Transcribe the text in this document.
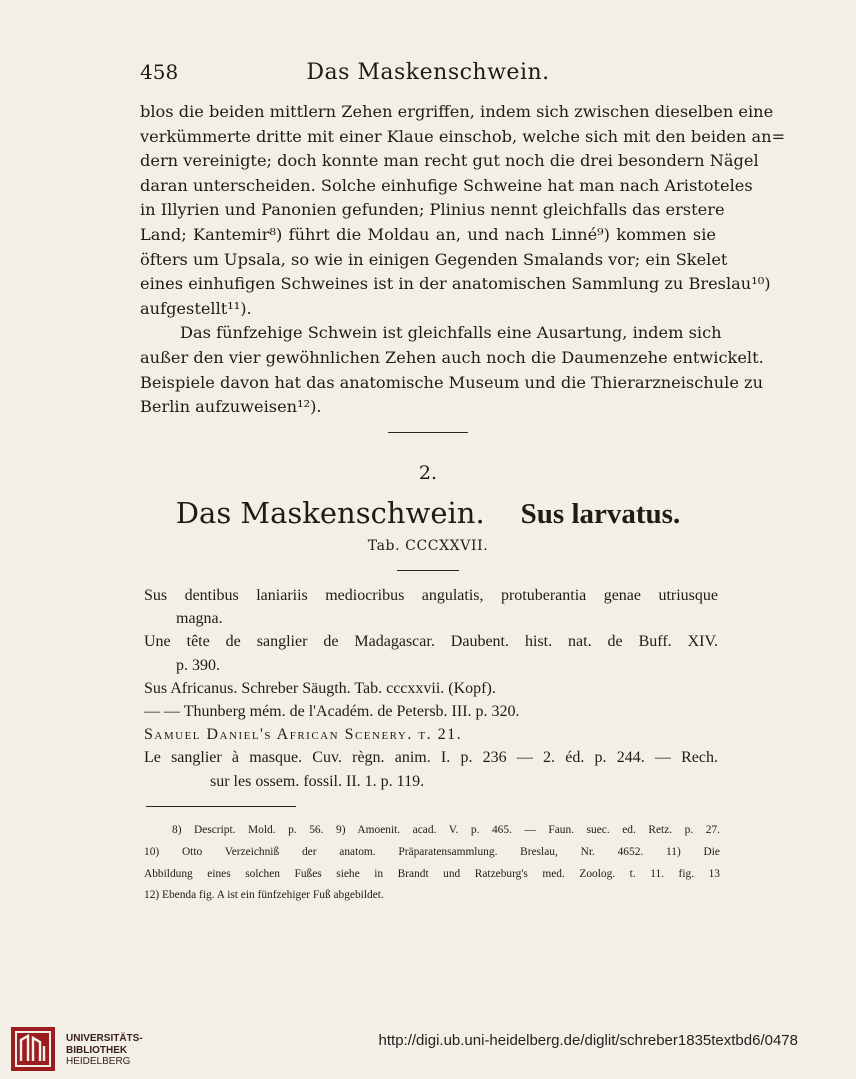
458	Das Maskenschwein.

blos die beiden mittlern Zehen ergriffen, indem sich zwischen dieselben eine
verkümmerte dritte mit einer Klaue einschob, welche sich mit den beiden an=
dern vereinigte; doch konnte man recht gut noch die drei besondern Nägel
daran unterscheiden. Solche einhufige Schweine hat man nach Aristoteles
in Illyrien und Panonien gefunden; Plinius nennt gleichfalls das erstere
Land; Kantemir⁸) führt die Moldau an, und nach Linné⁹) kommen sie
öfters um Upsala, so wie in einigen Gegenden Smalands vor; ein Skelet
eines einhufigen Schweines ist in der anatomischen Sammlung zu Breslau¹⁰)
aufgestellt¹¹).

Das fünfzehige Schwein ist gleichfalls eine Ausartung, indem sich
außer den vier gewöhnlichen Zehen auch noch die Daumenzehe entwickelt.
Beispiele davon hat das anatomische Museum und die Thierarzneischule zu
Berlin aufzuweisen¹²).

2.
Das Maskenschwein. Sus larvatus.
Tab. CCCXXVII.
Sus dentibus laniariis mediocribus angulatis, protuberantia genae utriusque
magna.
Une tête de sanglier de Madagascar. Daubent. hist. nat. de Buff. XIV.
p. 390.
Sus Africanus. Schreber Säugth. Tab. cccxxvii. (Kopf).
— — Thunberg mém. de l'Académ. de Petersb. III. p. 320.
Samuel Daniel's African Scenery. t. 21.
Le sanglier à masque. Cuv. règn. anim. I. p. 236 — 2. éd. p. 244. — Rech.
sur les ossem. fossil. II. 1. p. 119.
8) Descript. Mold. p. 56. 9) Amoenit. acad. V. p. 465. — Faun. suec. ed. Retz. p. 27.
10) Otto Verzeichniß der anatom. Präparatensammlung. Breslau, Nr. 4652. 11) Die
Abbildung eines solchen Fußes siehe in Brandt und Ratzeburg's med. Zoolog. t. 11. fig. 13
12) Ebenda fig. A ist ein fünfzehiger Fuß abgebildet.
UNIVERSITÄTS-
BIBLIOTHEK
HEIDELBERG
http://digi.ub.uni-heidelberg.de/diglit/schreber1835textbd6/0478
